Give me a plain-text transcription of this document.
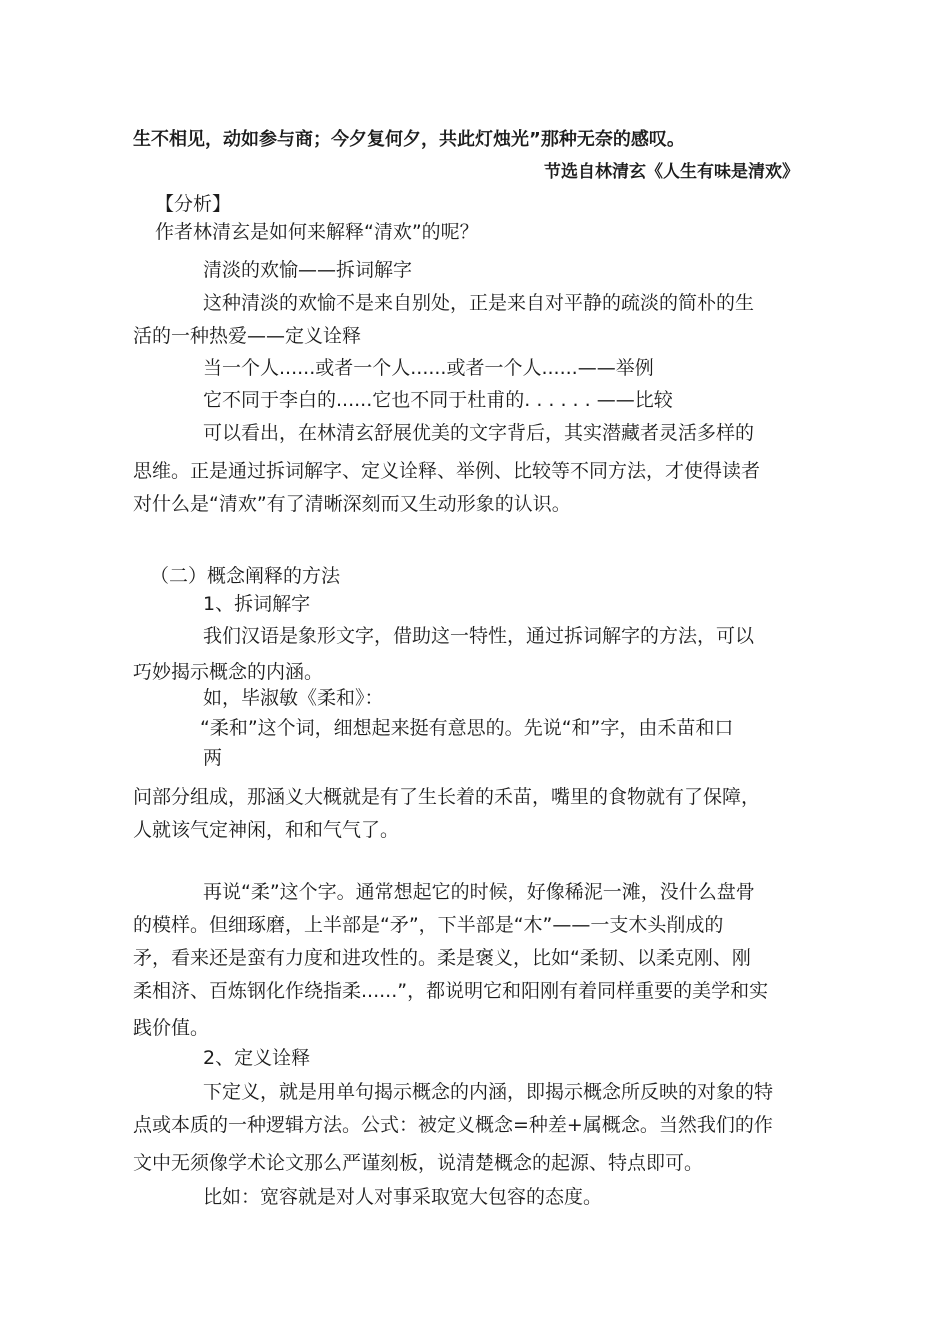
生不相见，动如参与商；今夕复何夕，共此灯烛光”那种无奈的感叹。

节选自林清玄《人生有味是清欢》

【分析】

作者林清玄是如何来解释“清欢”的呢？

清淡的欢愉——拆词解字

这种清淡的欢愉不是来自别处，正是来自对平静的疏淡的简朴的生

活的一种热爱——定义诠释

当一个人......或者一个人......或者一个人......——举例

它不同于李白的......它也不同于杜甫的. . . . . . ——比较

可以看出，在林清玄舒展优美的文字背后，其实潜藏者灵活多样的

思维。正是通过拆词解字、定义诠释、举例、比较等不同方法，才使得读者

对什么是“清欢”有了清晰深刻而又生动形象的认识。

（二）概念阐释的方法

1、拆词解字

我们汉语是象形文字，借助这一特性，通过拆词解字的方法，可以

巧妙揭示概念的内涵。

如，毕淑敏《柔和》：

“柔和”这个词，细想起来挺有意思的。先说“和”字，由禾苗和口

两

问部分组成，那涵义大概就是有了生长着的禾苗，嘴里的食物就有了保障，

人就该气定神闲，和和气气了。

再说“柔”这个字。通常想起它的时候，好像稀泥一滩，没什么盘骨

的模样。但细琢磨，上半部是“矛”，下半部是“木”——一支木头削成的

矛，看来还是蛮有力度和进攻性的。柔是褒义，比如“柔韧、以柔克刚、刚

柔相济、百炼钢化作绕指柔......”，都说明它和阳刚有着同样重要的美学和实

践价值。

2、定义诠释

下定义，就是用单句揭示概念的内涵，即揭示概念所反映的对象的特

点或本质的一种逻辑方法。公式：被定义概念=种差+属概念。当然我们的作

文中无须像学术论文那么严谨刻板，说清楚概念的起源、特点即可。

比如：宽容就是对人对事采取宽大包容的态度。
